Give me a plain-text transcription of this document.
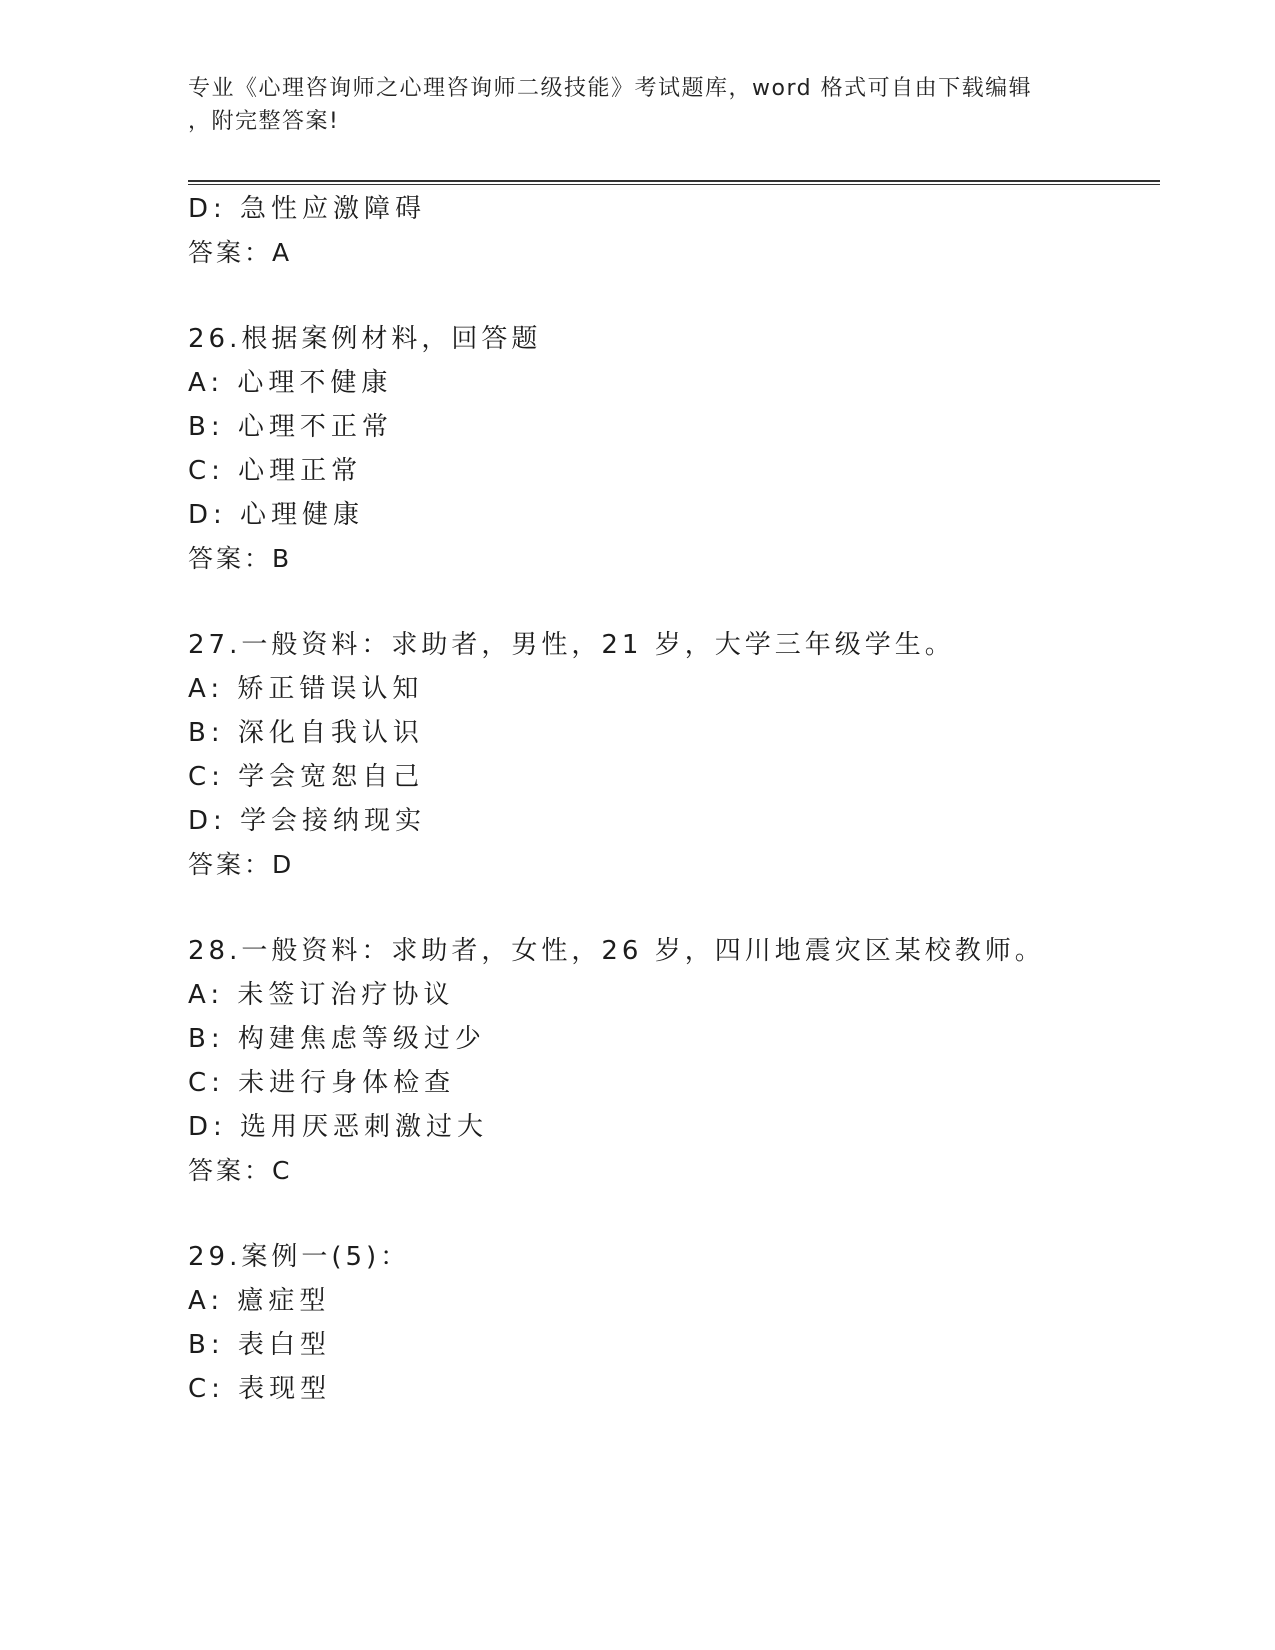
专业《心理咨询师之心理咨询师二级技能》考试题库，word 格式可自由下载编辑
，附完整答案!
D: 急性应激障碍
答案：A
26.根据案例材料，回答题
A: 心理不健康
B: 心理不正常
C: 心理正常
D: 心理健康
答案：B
27.一般资料：求助者，男性，21 岁，大学三年级学生。
A: 矫正错误认知
B: 深化自我认识
C: 学会宽恕自己
D: 学会接纳现实
答案：D
28.一般资料：求助者，女性，26 岁，四川地震灾区某校教师。
A: 未签订治疗协议
B: 构建焦虑等级过少
C: 未进行身体检查
D: 选用厌恶刺激过大
答案：C
29.案例一(5)：
A: 癔症型
B: 表白型
C: 表现型
